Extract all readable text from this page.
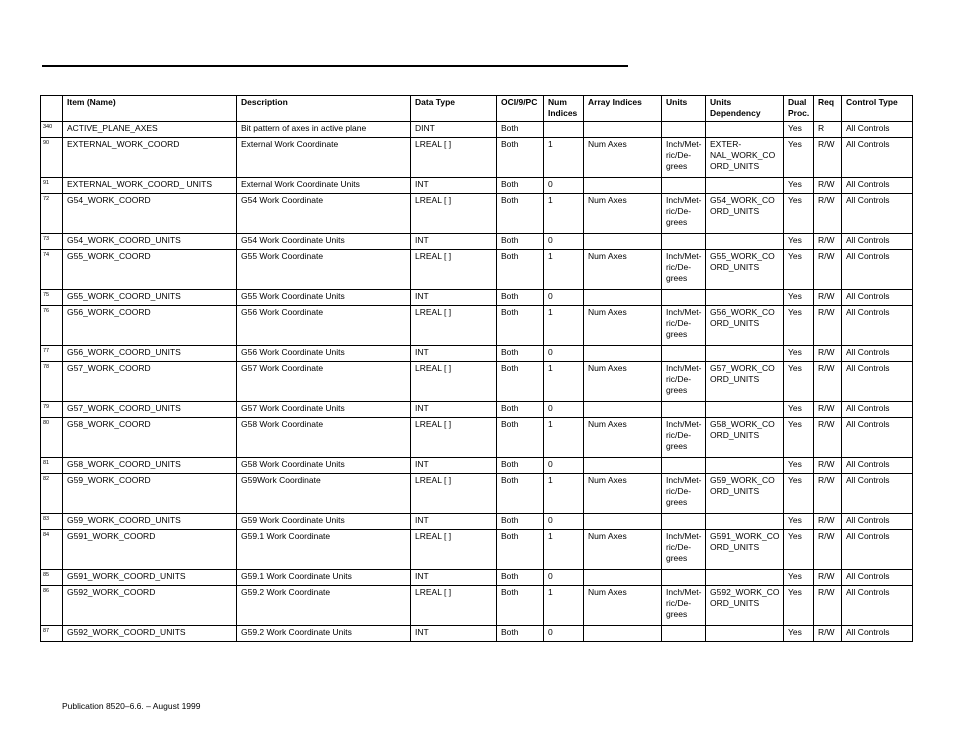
	Item (Name)	Description	Data Type	OCI/9/PC	Num Indices	Array Indices	Units	Units Dependency	Dual Proc.	Req	Control Type
340	ACTIVE_PLANE_AXES	Bit pattern of axes in active plane	DINT	Both					Yes	R	All Controls
90	EXTERNAL_WORK_COORD	External Work Coordinate	LREAL [ ]	Both	1	Num Axes	Inch/Met-ric/De-grees	EXTER-NAL_WORK_COORD_UNITS	Yes	R/W	All Controls
91	EXTERNAL_WORK_COORD_ UNITS	External Work Coordinate Units	INT	Both	0				Yes	R/W	All Controls
72	G54_WORK_COORD	G54 Work Coordinate	LREAL [ ]	Both	1	Num Axes	Inch/Met-ric/De-grees	G54_WORK_COORD_UNITS	Yes	R/W	All Controls
73	G54_WORK_COORD_UNITS	G54 Work Coordinate Units	INT	Both	0				Yes	R/W	All Controls
74	G55_WORK_COORD	G55 Work Coordinate	LREAL [ ]	Both	1	Num Axes	Inch/Met-ric/De-grees	G55_WORK_COORD_UNITS	Yes	R/W	All Controls
75	G55_WORK_COORD_UNITS	G55 Work Coordinate Units	INT	Both	0				Yes	R/W	All Controls
76	G56_WORK_COORD	G56 Work Coordinate	LREAL [ ]	Both	1	Num Axes	Inch/Met-ric/De-grees	G56_WORK_COORD_UNITS	Yes	R/W	All Controls
77	G56_WORK_COORD_UNITS	G56 Work Coordinate Units	INT	Both	0				Yes	R/W	All Controls
78	G57_WORK_COORD	G57 Work Coordinate	LREAL [ ]	Both	1	Num Axes	Inch/Met-ric/De-grees	G57_WORK_COORD_UNITS	Yes	R/W	All Controls
79	G57_WORK_COORD_UNITS	G57 Work Coordinate Units	INT	Both	0				Yes	R/W	All Controls
80	G58_WORK_COORD	G58 Work Coordinate	LREAL [ ]	Both	1	Num Axes	Inch/Met-ric/De-grees	G58_WORK_COORD_UNITS	Yes	R/W	All Controls
81	G58_WORK_COORD_UNITS	G58 Work Coordinate Units	INT	Both	0				Yes	R/W	All Controls
82	G59_WORK_COORD	G59Work Coordinate	LREAL [ ]	Both	1	Num Axes	Inch/Met-ric/De-grees	G59_WORK_COORD_UNITS	Yes	R/W	All Controls
83	G59_WORK_COORD_UNITS	G59 Work Coordinate Units	INT	Both	0				Yes	R/W	All Controls
84	G591_WORK_COORD	G59.1 Work Coordinate	LREAL [ ]	Both	1	Num Axes	Inch/Met-ric/De-grees	G591_WORK_COORD_UNITS	Yes	R/W	All Controls
85	G591_WORK_COORD_UNITS	G59.1 Work Coordinate Units	INT	Both	0				Yes	R/W	All Controls
86	G592_WORK_COORD	G59.2 Work Coordinate	LREAL [ ]	Both	1	Num Axes	Inch/Met-ric/De-grees	G592_WORK_COORD_UNITS	Yes	R/W	All Controls
87	G592_WORK_COORD_UNITS	G59.2 Work Coordinate Units	INT	Both	0				Yes	R/W	All Controls
Publication 8520–6.6. – August 1999
